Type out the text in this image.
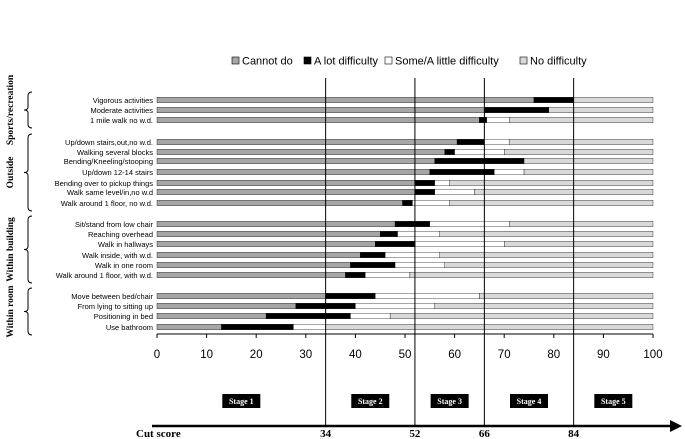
Cannot do A lot difficulty Some/A little difficulty	No difficulty
Vigorous activities
Moderate activities
1 mile walk no w.d.
Up/down stairs,out,no w.d.
Walking several blocks
Bending/Kneeling/stooping
Up/down 12-14 stairs
Bending over to pickup things
Walk same level/in,no w.d
Walk around 1 floor, no w.d.
Sit/stand from low chair
Reaching overhead
Walk in hallways
Walk inside, with w.d.
Walk in one room
Walk around 1 floor, with w.d.
Move between bed/chair
From lying to sitting up
Positioning in bed
Use bathroom
Sports/recreation
Outside
Within building
Within room
0	10	20	30	40	50	60	70	80	90	100
Stage 1	Stage 2	Stage 3	Stage 4	Stage 5
Cut score	34	52	66	84
